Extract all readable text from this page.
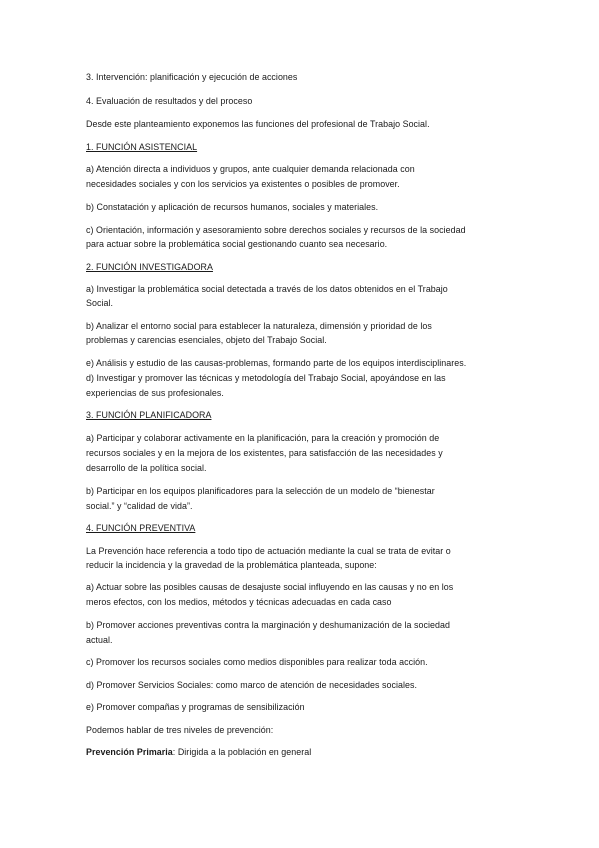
3. Intervención: planificación y ejecución de acciones
4. Evaluación de resultados y del proceso
Desde este planteamiento exponemos las funciones del profesional de Trabajo Social.
1. FUNCIÓN ASISTENCIAL
a) Atención directa a individuos y grupos, ante cualquier demanda relacionada con
necesidades sociales y con los servicios ya existentes o posibles de promover.
b) Constatación y aplicación de recursos humanos, sociales y materiales.
c) Orientación, información y asesoramiento sobre derechos sociales y recursos de la sociedad
para actuar sobre la problemática social gestionando cuanto sea necesario.
2. FUNCIÓN INVESTIGADORA
a) Investigar la problemática social detectada a través de los datos obtenidos en el Trabajo
Social.
b) Analizar el entorno social para establecer la naturaleza, dimensión y prioridad de los
problemas y carencias esenciales, objeto del Trabajo Social.
e) Análisis y estudio de las causas-problemas, formando parte de los equipos interdisciplinares.
d) Investigar y promover las técnicas y metodología del Trabajo Social, apoyándose en las
experiencias de sus profesionales.
3. FUNCIÓN PLANIFICADORA
a) Participar y colaborar activamente en la planificación, para la creación y promoción de
recursos sociales y en la mejora de los existentes, para satisfacción de las necesidades y
desarrollo de la política social.
b) Participar en los equipos planificadores para la selección de un modelo de “bienestar
social.” y “calidad de vida”.
4. FUNCIÓN PREVENTIVA
La Prevención hace referencia a todo tipo de actuación mediante la cual se trata de evitar o
reducir la incidencia y la gravedad de la problemática planteada, supone:
a) Actuar sobre las posibles causas de desajuste social influyendo en las causas y no en los
meros efectos, con los medios, métodos y técnicas adecuadas en cada caso
b) Promover acciones preventivas contra la marginación y deshumanización de la sociedad
actual.
c) Promover los recursos sociales como medios disponibles para realizar toda acción.
d) Promover Servicios Sociales: como marco de atención de necesidades sociales.
e) Promover compañas y programas de sensibilización
Podemos hablar de tres niveles de prevención:
Prevención Primaria: Dirigida a la población en general
